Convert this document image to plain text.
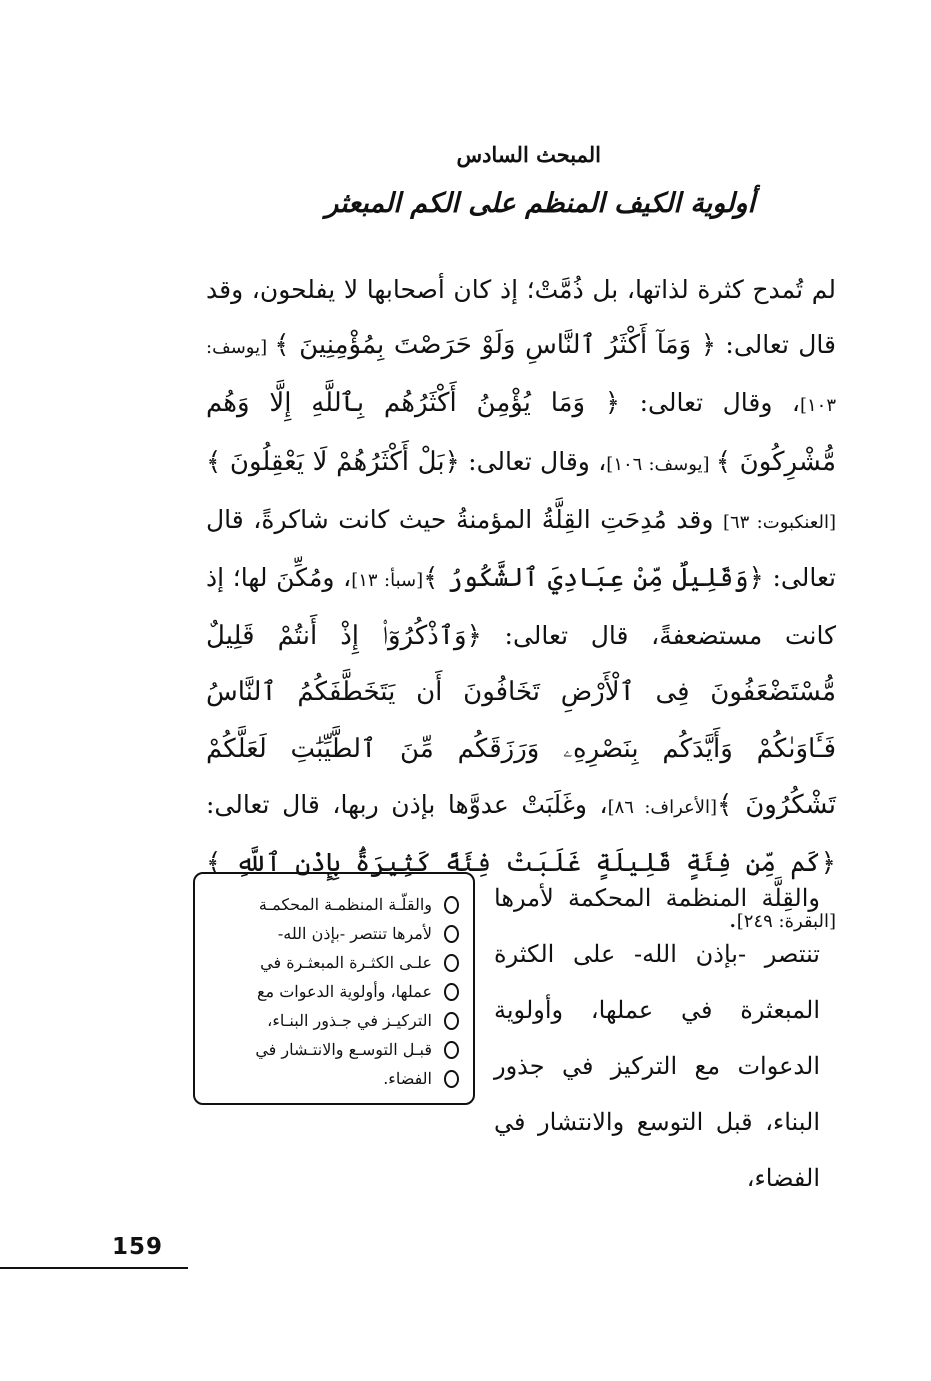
المبحث السادس
أولوية الكيف المنظم على الكم المبعثر
لم تُمدح كثرة لذاتها، بل ذُمَّتْ؛ إذ كان أصحابها لا يفلحون، وقد قال تعالى: ﴿ وَمَآ أَكْثَرُ ٱلنَّاسِ وَلَوْ حَرَصْتَ بِمُؤْمِنِينَ ﴾ [يوسف: ١٠٣]، وقال تعالى: ﴿ وَمَا يُؤْمِنُ أَكْثَرُهُم بِٱللَّهِ إِلَّا وَهُم مُّشْرِكُونَ ﴾ [يوسف: ١٠٦]، وقال تعالى: ﴿بَلْ أَكْثَرُهُمْ لَا يَعْقِلُونَ ﴾ [العنكبوت: ٦٣] وقد مُدِحَتِ القِلَّةُ المؤمنةُ حيث كانت شاكرةً، قال تعالى: ﴿وَقَلِيلٌ مِّنْ عِبَادِيَ ٱلشَّكُورُ ﴾[سبأ: ١٣]، ومُكِّنَ لها؛ إذ كانت مستضعفةً، قال تعالى: ﴿وَٱذْكُرُوٓا۟ إِذْ أَنتُمْ قَلِيلٌ مُّسْتَضْعَفُونَ فِى ٱلْأَرْضِ تَخَافُونَ أَن يَتَخَطَّفَكُمُ ٱلنَّاسُ فَـَٔاوَىٰكُمْ وَأَيَّدَكُم بِنَصْرِهِۦ وَرَزَقَكُم مِّنَ ٱلطَّيِّبَٰتِ لَعَلَّكُمْ تَشْكُرُونَ ﴾[الأعراف: ٨٦]، وغَلَبَتْ عدوَّها بإذن ربها، قال تعالى: ﴿كَم مِّن فِئَةٍ قَلِيلَةٍ غَلَبَتْ فِئَةً كَثِيرَةًۢ بِإِذْنِ ٱللَّهِ ﴾[البقرة: ٢٤٩].
والقِلَّة المنظمة المحكمة لأمرها تنتصر -بإذن الله- على الكثرة المبعثرة في عملها، وأولوية الدعوات مع التركيز في جذور البناء، قبل التوسع والانتشار في الفضاء،
والقلّـة المنظمـة المحكمـة
لأمرها تنتصر -بإذن الله-
علـى الكثـرة المبعثـرة في
عملها، وأولوية الدعوات مع
التركيـز في جـذور البنـاء،
قبـل التوسـع والانتـشار في
الفضاء.
159
